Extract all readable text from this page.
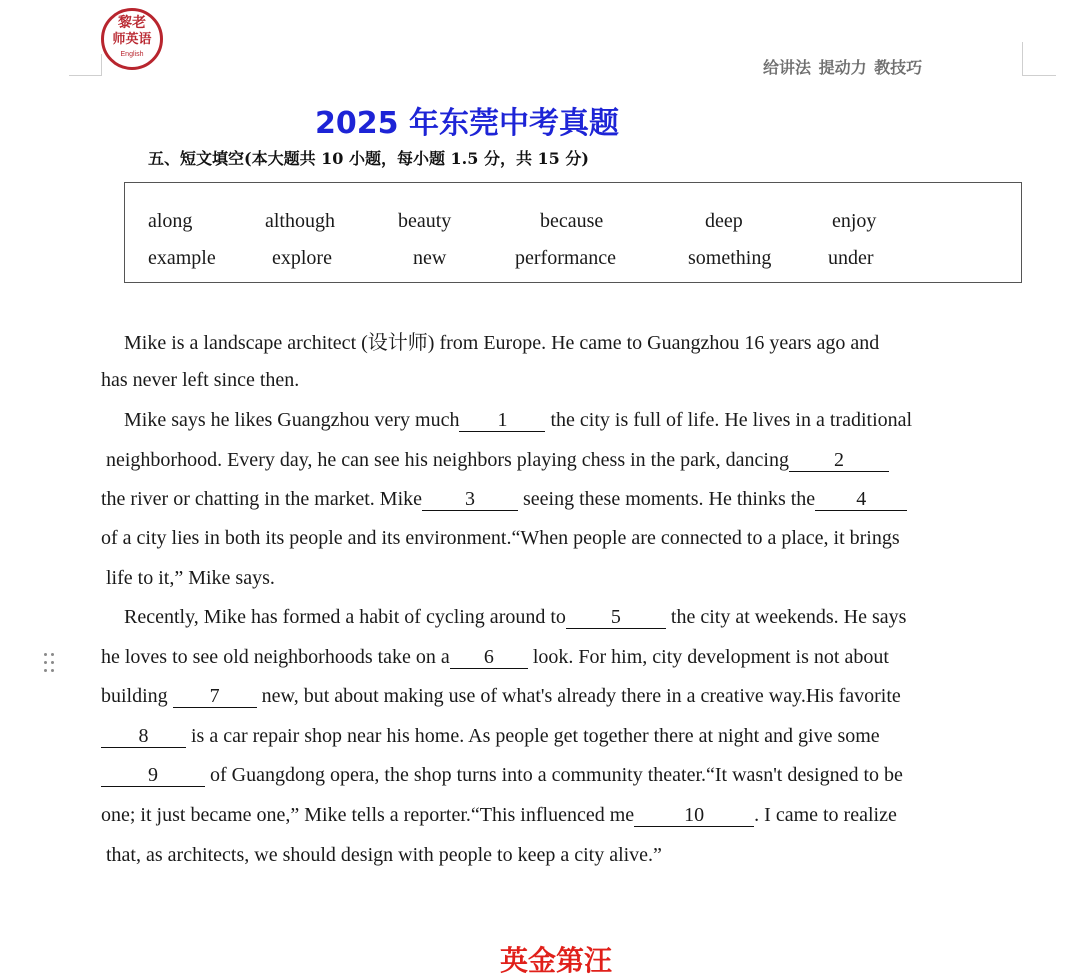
黎老
师英语
English
给讲法 提动力 教技巧
2025 年东莞中考真题
五、短文填空(本大题共 10 小题，每小题 1.5 分，共 15 分)
along	although	beauty	because	deep	enjoy
example	explore	new	performance	something	under
Mike is a landscape architect (设计师) from Europe. He came to Guangzhou 16 years ago and
has never left since then.
Mike says he likes Guangzhou very much 1 the city is full of life. He lives in a traditional
neighborhood. Every day, he can see his neighbors playing chess in the park, dancing 2
the river or chatting in the market. Mike 3 seeing these moments. He thinks the 4
of a city lies in both its people and its environment.“When people are connected to a place, it brings
life to it,” Mike says.
Recently, Mike has formed a habit of cycling around to 5 the city at weekends. He says
he loves to see old neighborhoods take on a 6 look. For him, city development is not about
building 7 new, but about making use of what's already there in a creative way.His favorite
8 is a car repair shop near his home. As people get together there at night and give some
9 of Guangdong opera, the shop turns into a community theater.“It wasn't designed to be
one; it just became one,” Mike tells a reporter.“This influenced me	10	. I came to realize
that, as architects, we should design with people to keep a city alive.”
英金第汪
